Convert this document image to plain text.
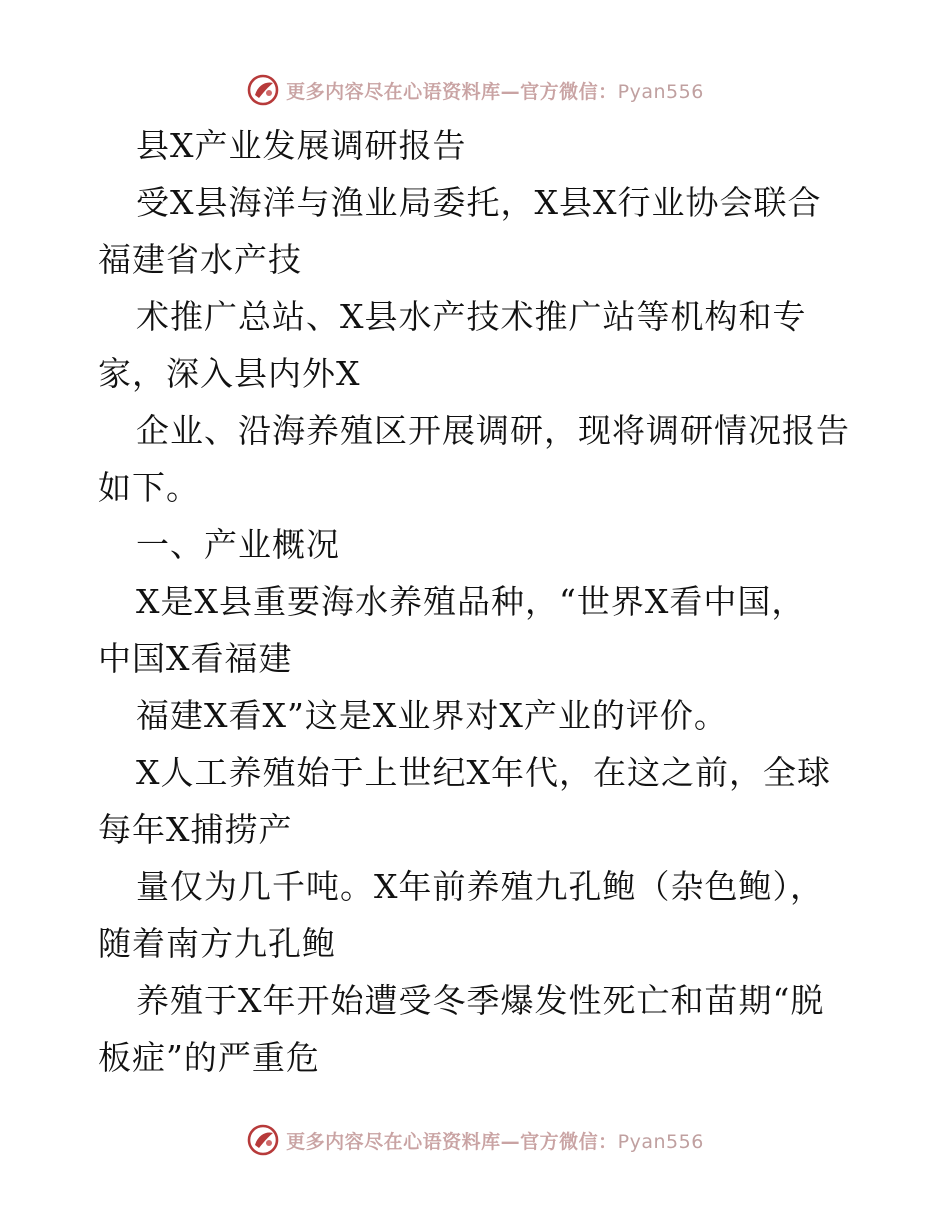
更多内容尽在心语资料库—官方微信：Pyan556
县X产业发展调研报告
受X县海洋与渔业局委托，X县X行业协会联合
福建省水产技
术推广总站、X县水产技术推广站等机构和专
家，深入县内外X
企业、沿海养殖区开展调研，现将调研情况报告
如下。
一、产业概况
X是X县重要海水养殖品种，“世界X看中国，
中国X看福建
福建X看X”这是X业界对X产业的评价。
X人工养殖始于上世纪X年代，在这之前，全球
每年X捕捞产
量仅为几千吨。X年前养殖九孔鲍（杂色鲍），
随着南方九孔鲍
养殖于X年开始遭受冬季爆发性死亡和苗期“脱
板症”的严重危
更多内容尽在心语资料库—官方微信：Pyan556
